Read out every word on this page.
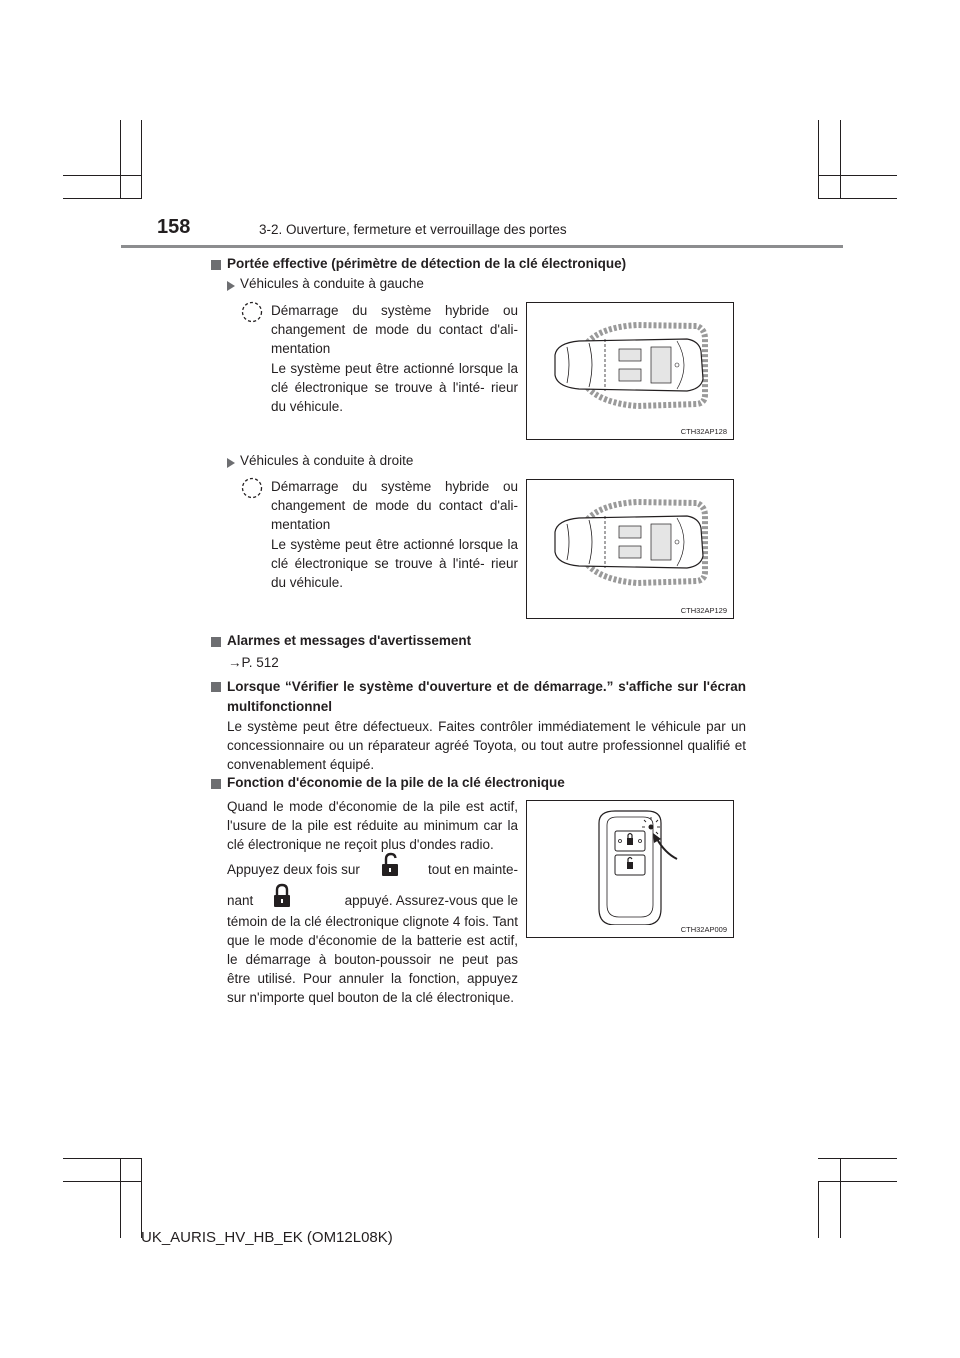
158	3-2. Ouverture, fermeture et verrouillage des portes
Portée effective (périmètre de détection de la clé électronique)
Véhicules à conduite à gauche
Démarrage du système hybride ou changement de mode du contact d'ali- mentation
Le système peut être actionné lorsque la clé électronique se trouve à l'inté- rieur du véhicule.
CTH32AP128
Véhicules à conduite à droite
Démarrage du système hybride ou changement de mode du contact d'ali- mentation
Le système peut être actionné lorsque la clé électronique se trouve à l'inté- rieur du véhicule.
CTH32AP129
Alarmes et messages d'avertissement
→P. 512
Lorsque “Vérifier le système d'ouverture et de démarrage.” s'affiche sur l'écran multifonctionnel
Le système peut être défectueux. Faites contrôler immédiatement le véhicule par un concessionnaire ou un réparateur agréé Toyota, ou tout autre professionnel qualifié et convenablement équipé.
Fonction d'économie de la pile de la clé électronique
Quand le mode d'économie de la pile est actif, l'usure de la pile est réduite au minimum car la clé électronique ne reçoit plus d'ondes radio.
Appuyez deux fois sur	tout en mainte-
nant	appuyé. Assurez-vous que le
témoin de la clé électronique clignote 4 fois. Tant que le mode d'économie de la batterie est actif, le démarrage à bouton-poussoir ne peut pas être utilisé. Pour annuler la fonction, appuyez sur n'importe quel bouton de la clé électronique.
CTH32AP009
UK_AURIS_HV_HB_EK (OM12L08K)
